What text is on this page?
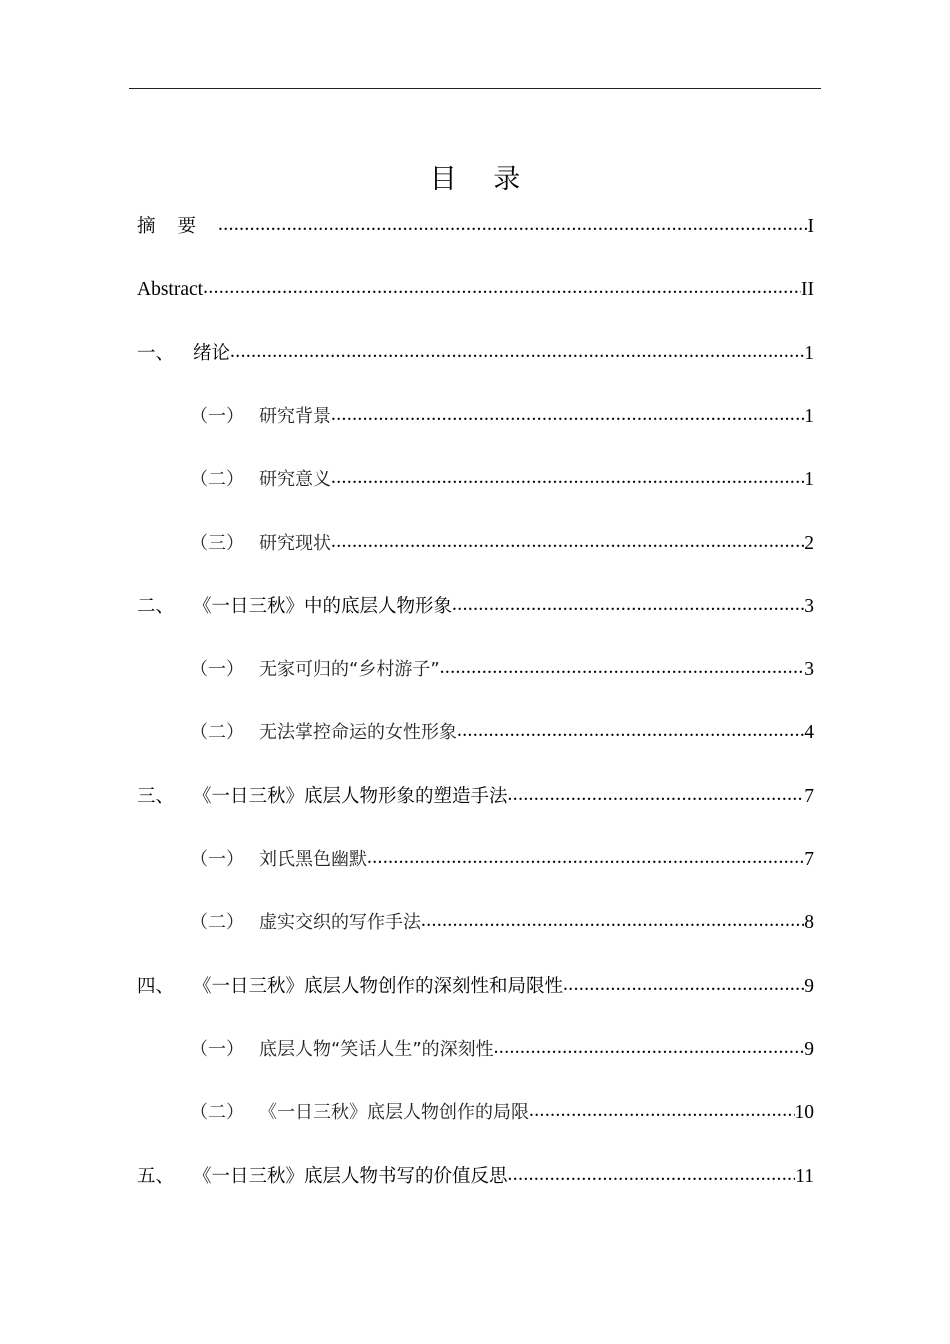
目 录
摘要 .....	I
Abstract .....	II
一、	绪论 .....	1
（一） 研究背景 .....	1
（二） 研究意义 .....	1
（三） 研究现状 .....	2
二、	《一日三秋》中的底层人物形象 .....	3
（一） 无家可归的“乡村游子” .....	3
（二） 无法掌控命运的女性形象 .....	4
三、	《一日三秋》底层人物形象的塑造手法 .....	7
（一） 刘氏黑色幽默 .....	7
（二） 虚实交织的写作手法 .....	8
四、	《一日三秋》底层人物创作的深刻性和局限性 .....	9
（一） 底层人物“笑话人生”的深刻性 .....	9
（二） 《一日三秋》底层人物创作的局限 .....	10
五、	《一日三秋》底层人物书写的价值反思 .....	11
